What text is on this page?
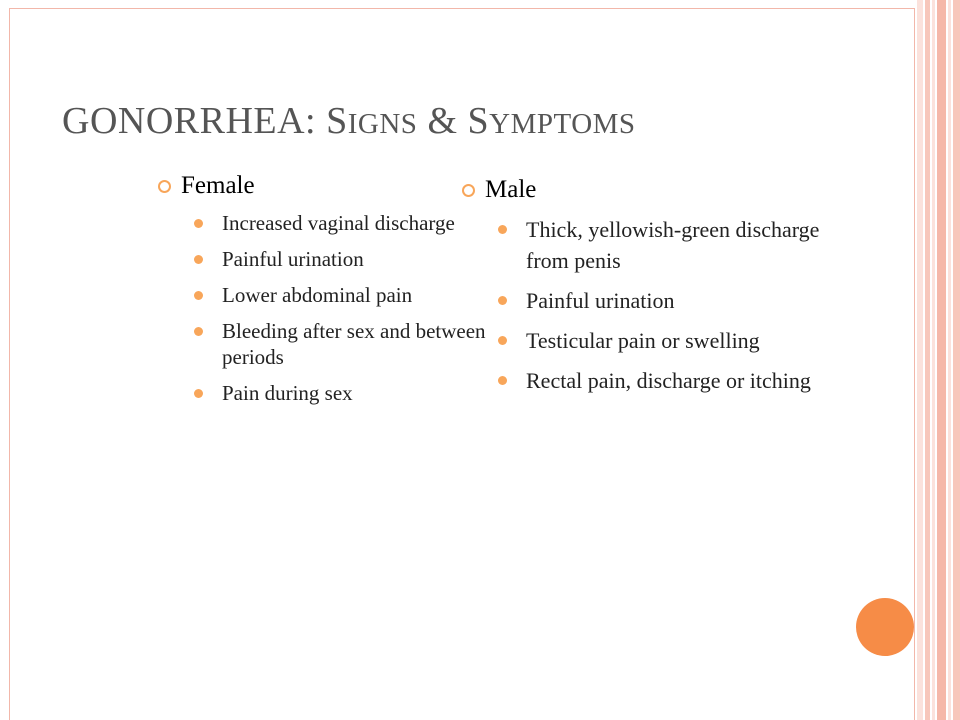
GONORRHEA: SIGNS & SYMPTOMS
Female
Increased vaginal discharge
Painful urination
Lower abdominal pain
Bleeding after sex and between periods
Pain during sex
Male
Thick, yellowish-green discharge from penis
Painful urination
Testicular pain or swelling
Rectal pain, discharge or itching
